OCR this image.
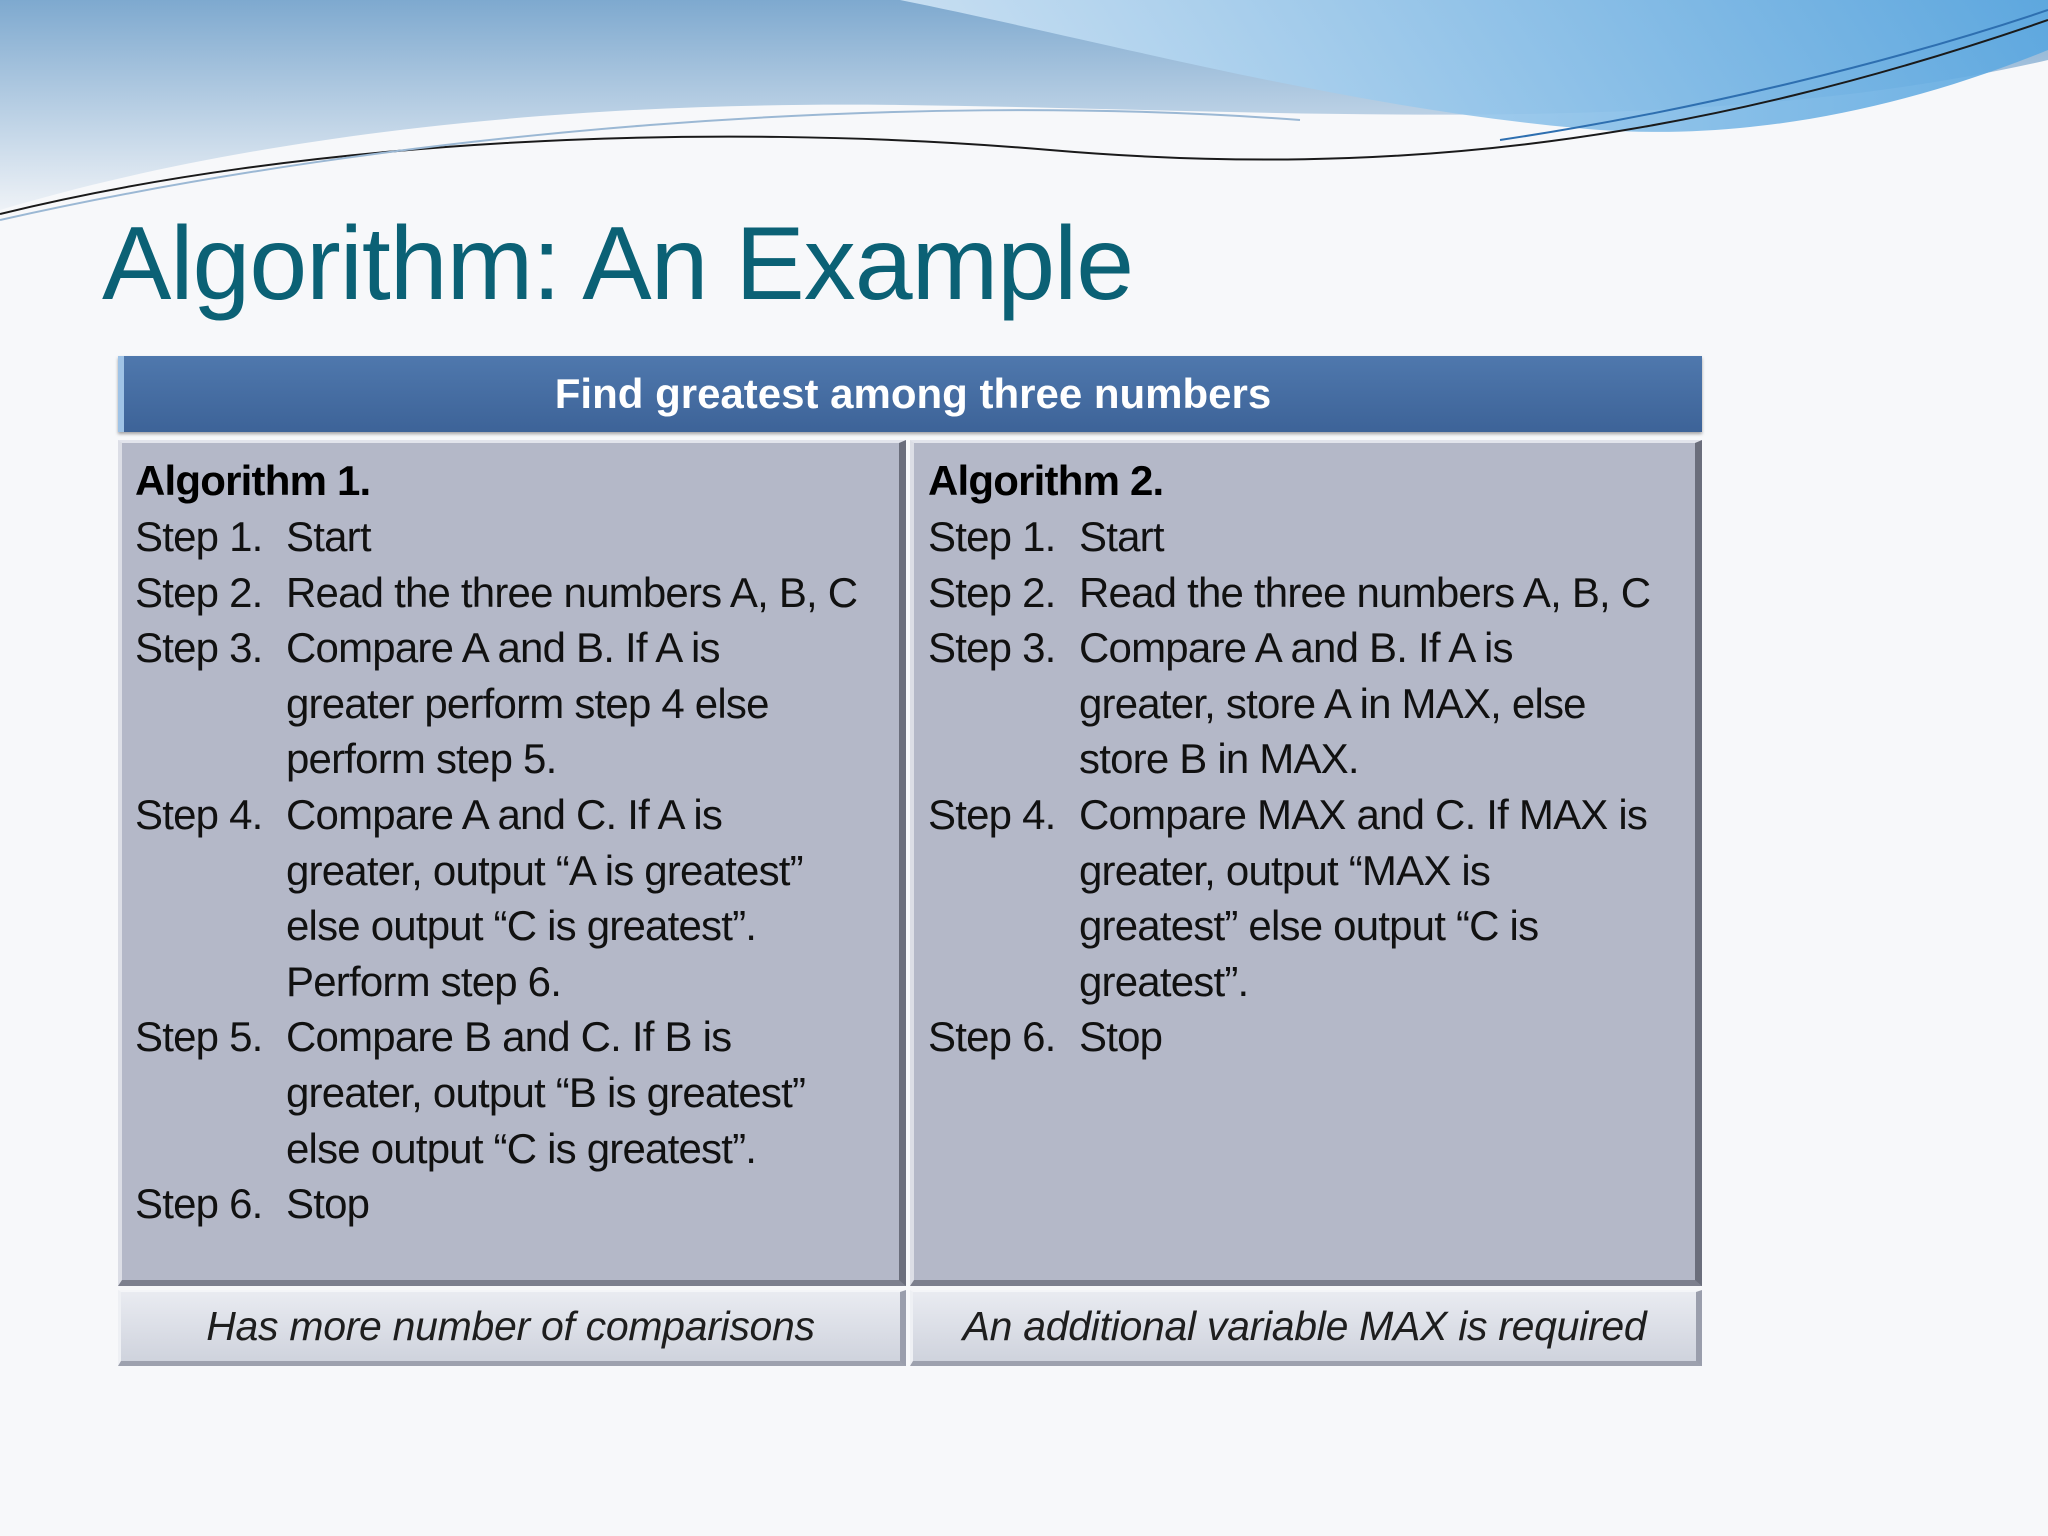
Algorithm: An Example
Find greatest among three numbers
Algorithm 1.
Step 1. Start
Step 2. Read the three numbers A, B, C
Step 3. Compare A and B. If A is
greater perform step 4 else
perform step 5.
Step 4. Compare A and C. If A is
greater, output “A is greatest”
else output “C is greatest”.
Perform step 6.
Step 5. Compare B and C. If B is
greater, output “B is greatest”
else output “C is greatest”.
Step 6. Stop
Algorithm 2.
Step 1. Start
Step 2. Read the three numbers A, B, C
Step 3. Compare A and B. If A is
greater, store A in MAX, else
store B in MAX.
Step 4. Compare MAX and C. If MAX is
greater, output “MAX is
greatest” else output “C is
greatest”.
Step 6. Stop
Has more number of comparisons	An additional variable MAX is required
